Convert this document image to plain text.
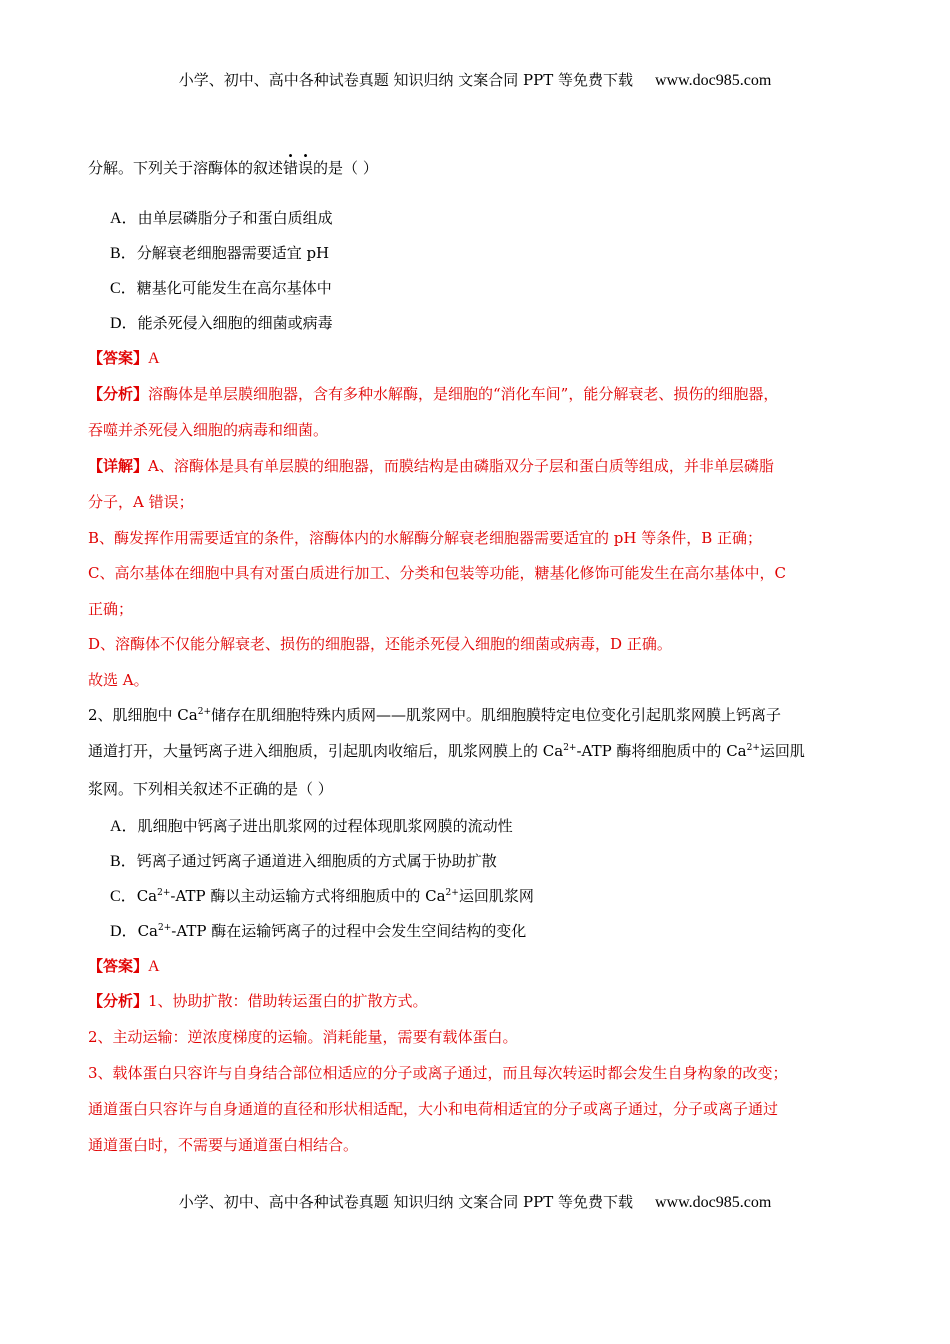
小学、初中、高中各种试卷真题 知识归纳 文案合同 PPT 等免费下载 www.doc985.com
分解。下列关于溶酶体的叙述错误的是（ ）
A．由单层磷脂分子和蛋白质组成
B．分解衰老细胞器需要适宜 pH
C．糖基化可能发生在高尔基体中
D．能杀死侵入细胞的细菌或病毒
【答案】A
【分析】溶酶体是单层膜细胞器，含有多种水解酶，是细胞的“消化车间”，能分解衰老、损伤的细胞器，
吞噬并杀死侵入细胞的病毒和细菌。
【详解】A、溶酶体是具有单层膜的细胞器，而膜结构是由磷脂双分子层和蛋白质等组成，并非单层磷脂
分子，A 错误；
B、酶发挥作用需要适宜的条件，溶酶体内的水解酶分解衰老细胞器需要适宜的 pH 等条件，B 正确；
C、高尔基体在细胞中具有对蛋白质进行加工、分类和包装等功能，糖基化修饰可能发生在高尔基体中，C
正确；
D、溶酶体不仅能分解衰老、损伤的细胞器，还能杀死侵入细胞的细菌或病毒，D 正确。
故选 A。
2、肌细胞中 $Ca^{2+}$储存在肌细胞特殊内质网——肌浆网中。肌细胞膜特定电位变化引起肌浆网膜上钙离子
通道打开，大量钙离子进入细胞质，引起肌肉收缩后，肌浆网膜上的 $Ca^{2+}$-ATP 酶将细胞质中的 $Ca^{2+}$运回肌
浆网。下列相关叙述不正确的是（ ）
A．肌细胞中钙离子进出肌浆网的过程体现肌浆网膜的流动性
B．钙离子通过钙离子通道进入细胞质的方式属于协助扩散
C．$Ca^{2+}$-ATP 酶以主动运输方式将细胞质中的 $Ca^{2+}$运回肌浆网
D．$Ca^{2+}$-ATP 酶在运输钙离子的过程中会发生空间结构的变化
【答案】A
【分析】1、协助扩散：借助转运蛋白的扩散方式。
2、主动运输：逆浓度梯度的运输。消耗能量，需要有载体蛋白。
3、载体蛋白只容许与自身结合部位相适应的分子或离子通过，而且每次转运时都会发生自身构象的改变；
通道蛋白只容许与自身通道的直径和形状相适配，大小和电荷相适宜的分子或离子通过，分子或离子通过
通道蛋白时，不需要与通道蛋白相结合。
小学、初中、高中各种试卷真题 知识归纳 文案合同 PPT 等免费下载 www.doc985.com
